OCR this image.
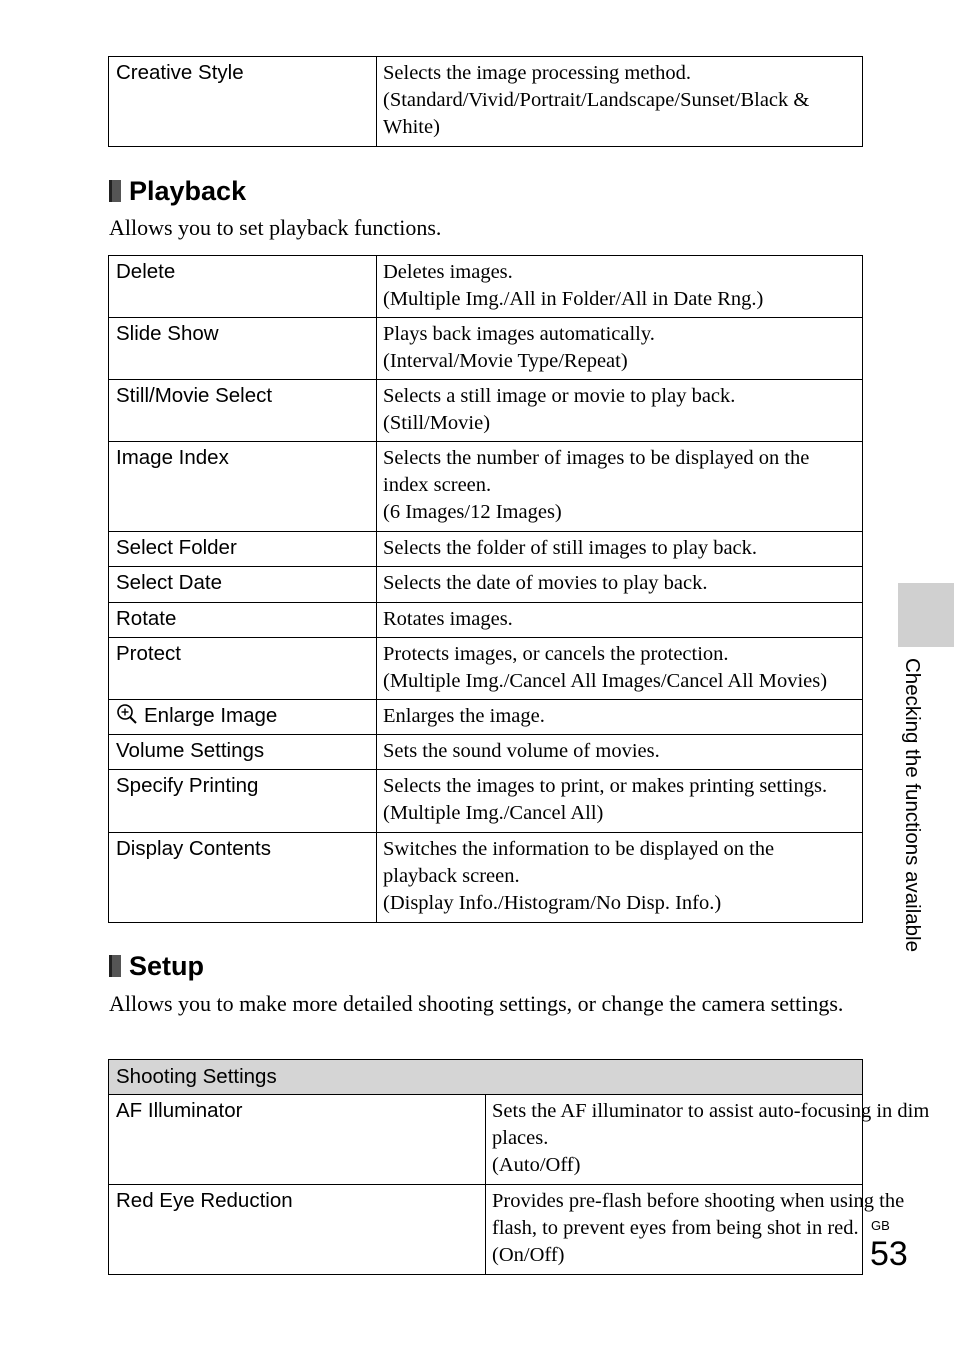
Creative Style	Selects the image processing method.
(Standard/Vivid/Portrait/Landscape/Sunset/Black &
White)
Playback

Allows you to set playback functions.

Delete	Deletes images.
(Multiple Img./All in Folder/All in Date Rng.)

Slide Show	Plays back images automatically.
(Interval/Movie Type/Repeat)

Still/Movie Select	Selects a still image or movie to play back.
(Still/Movie)

Image Index	Selects the number of images to be displayed on the
index screen.
(6 Images/12 Images)

Select Folder	Selects the folder of still images to play back.

Select Date	Selects the date of movies to play back.

Rotate	Rotates images.

Protect	Protects images, or cancels the protection.
(Multiple Img./Cancel All Images/Cancel All Movies)

Enlarge Image	Enlarges the image.

Volume Settings	Sets the sound volume of movies.

Specify Printing	Selects the images to print, or makes printing settings.
(Multiple Img./Cancel All)

Display Contents	Switches the information to be displayed on the
playback screen.
(Display Info./Histogram/No Disp. Info.)
Setup

Allows you to make more detailed shooting settings, or change the camera settings.

Shooting Settings	
AF Illuminator	Sets the AF illuminator to assist auto-focusing in dim
places.
(Auto/Off)

Red Eye Reduction	Provides pre-flash before shooting when using the
flash, to prevent eyes from being shot in red.
(On/Off)
Checking the functions available
GB
53
